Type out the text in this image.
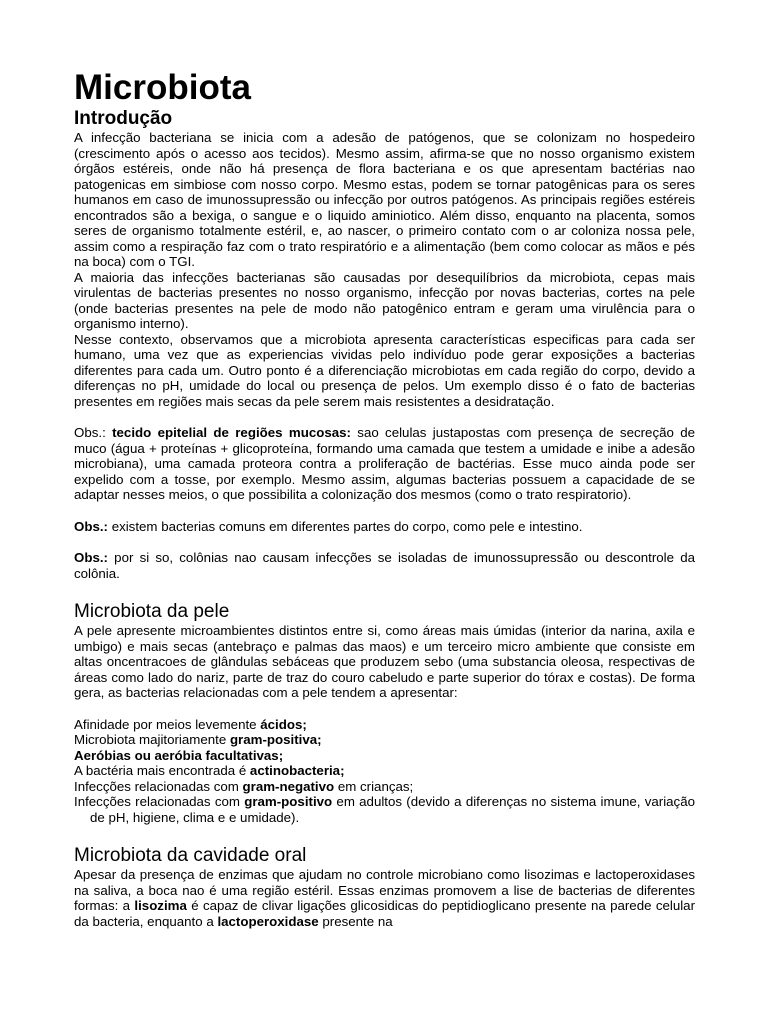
Microbiota
Introdução

A infecção bacteriana se inicia com a adesão de patógenos, que se colonizam no hospedeiro (crescimento após o acesso aos tecidos). Mesmo assim, afirma-se que no nosso organismo existem órgãos estéreis, onde não há presença de flora bacteriana e os que apresentam bactérias nao patogenicas em simbiose com nosso corpo. Mesmo estas, podem se tornar patogênicas para os seres humanos em caso de imunossupressão ou infecção por outros patógenos. As principais regiões estéreis encontrados são a bexiga, o sangue e o liquido aminiotico. Além disso, enquanto na placenta, somos seres de organismo totalmente estéril, e, ao nascer, o primeiro contato com o ar coloniza nossa pele, assim como a respiração faz com o trato respiratório e a alimentação (bem como colocar as mãos e pés na boca) com o TGI.

A maioria das infecções bacterianas são causadas por desequilíbrios da microbiota, cepas mais virulentas de bacterias presentes no nosso organismo, infecção por novas bacterias, cortes na pele (onde bacterias presentes na pele de modo não patogênico entram e geram uma virulência para o organismo interno).

Nesse contexto, observamos que a microbiota apresenta características especificas para cada ser humano, uma vez que as experiencias vividas pelo indivíduo pode gerar exposições a bacterias diferentes para cada um. Outro ponto é a diferenciação microbiotas em cada região do corpo, devido a diferenças no pH, umidade do local ou presença de pelos. Um exemplo disso é o fato de bacterias presentes em regiões mais secas da pele serem mais resistentes a desidratação.

Obs.: tecido epitelial de regiões mucosas: sao celulas justapostas com presença de secreção de muco (água + proteínas + glicoproteína, formando uma camada que testem a umidade e inibe a adesão microbiana), uma camada proteora contra a proliferação de bactérias. Esse muco ainda pode ser expelido com a tosse, por exemplo. Mesmo assim, algumas bacterias possuem a capacidade de se adaptar nesses meios, o que possibilita a colonização dos mesmos (como o trato respiratorio).

Obs.: existem bacterias comuns em diferentes partes do corpo, como pele e intestino.

Obs.: por si so, colônias nao causam infecções se isoladas de imunossupressão ou descontrole da colônia.

Microbiota da pele

A pele apresente microambientes distintos entre si, como áreas mais úmidas (interior da narina, axila e umbigo) e mais secas (antebraço e palmas das maos) e um terceiro micro ambiente que consiste em altas oncentracoes de glândulas sebáceas que produzem sebo (uma substancia oleosa, respectivas de áreas como lado do nariz, parte de traz do couro cabeludo e parte superior do tórax e costas). De forma gera, as bacterias relacionadas com a pele tendem a apresentar:

Afinidade por meios levemente ácidos;
Microbiota majitoriamente gram-positiva;
Aeróbias ou aeróbia facultativas;
A bactéria mais encontrada é actinobacteria;
Infecções relacionadas com gram-negativo em crianças;
Infecções relacionadas com gram-positivo em adultos (devido a diferenças no sistema imune, variação de pH, higiene, clima e e umidade).
Microbiota da cavidade oral

Apesar da presença de enzimas que ajudam no controle microbiano como lisozimas e lactoperoxidases na saliva, a boca nao é uma região estéril. Essas enzimas promovem a lise de bacterias de diferentes formas: a lisozima é capaz de clivar ligações glicosidicas do peptidioglicano presente na parede celular da bacteria, enquanto a lactoperoxidase presente na
